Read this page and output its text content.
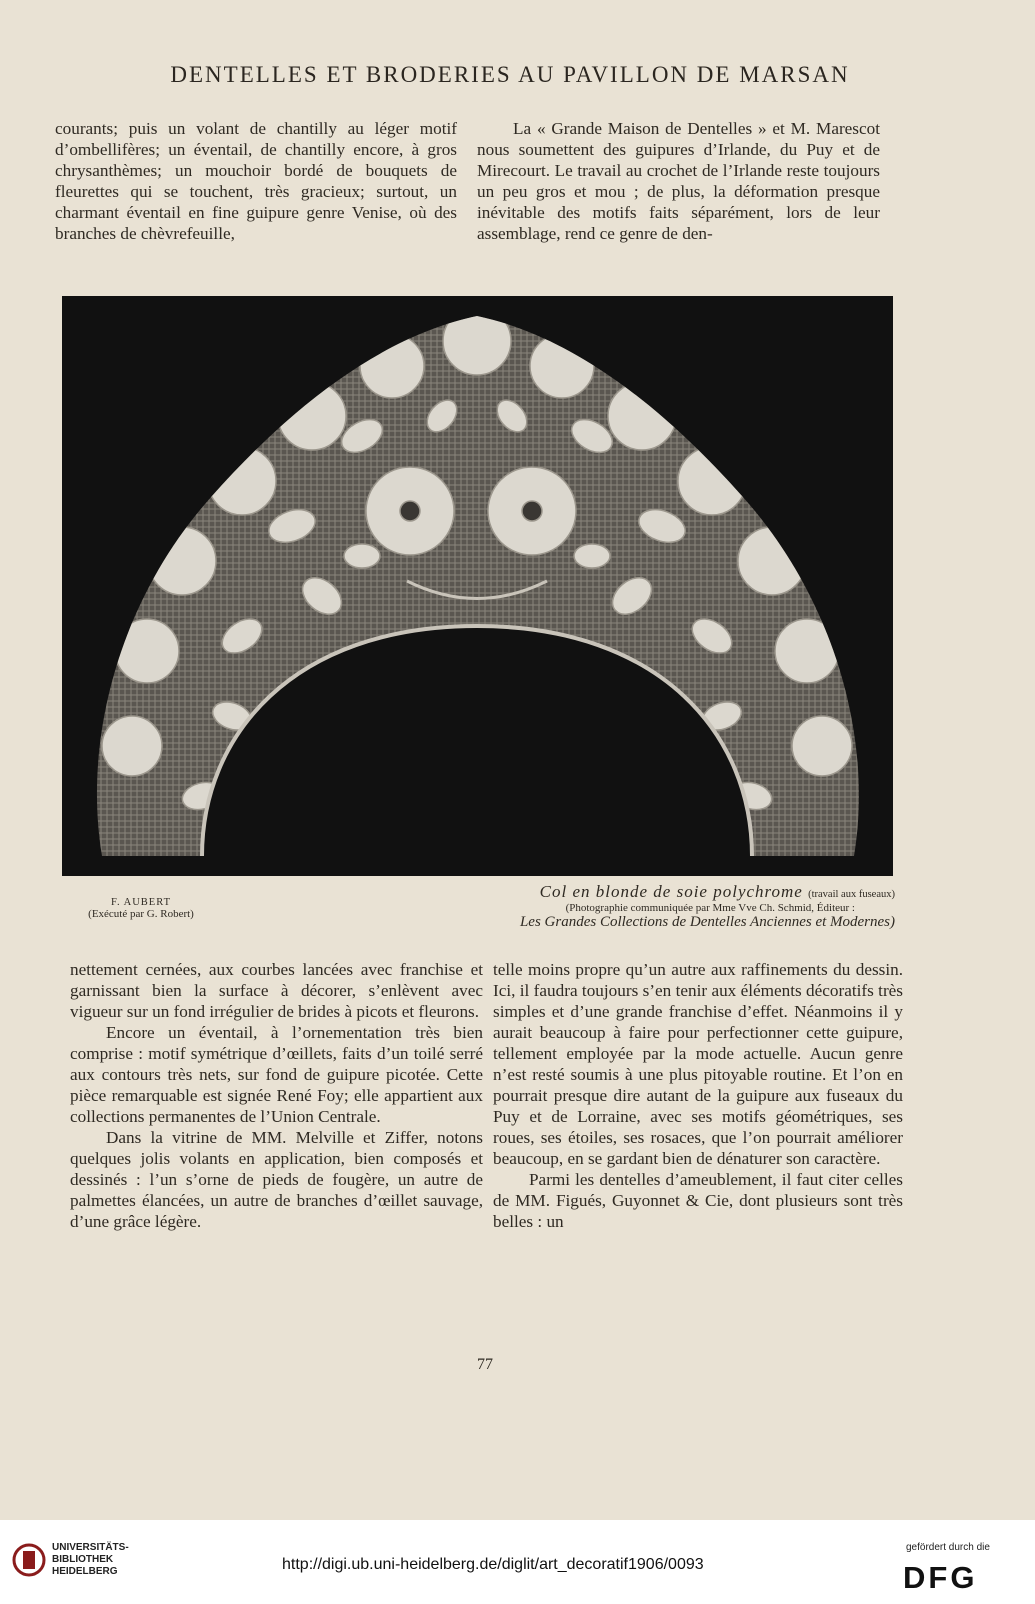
DENTELLES ET BRODERIES AU PAVILLON DE MARSAN

courants; puis un volant de chantilly au léger motif d’ombellifères; un éventail, de chantilly encore, à gros chrysanthèmes; un mouchoir bordé de bouquets de fleurettes qui se touchent, très gracieux; surtout, un charmant éventail en fine guipure genre Venise, où des branches de chèvrefeuille,

La « Grande Maison de Dentelles » et M. Marescot nous soumettent des guipures d’Irlande, du Puy et de Mirecourt. Le travail au crochet de l’Irlande reste toujours un peu gros et mou ; de plus, la déformation presque inévitable des motifs faits séparément, lors de leur assemblage, rend ce genre de den-

F. AUBERT
(Exécuté par G. Robert)
Col en blonde de soie polychrome (travail aux fuseaux)
(Photographie communiquée par Mme Vve Ch. Schmid, Éditeur :
Les Grandes Collections de Dentelles Anciennes et Modernes)

nettement cernées, aux courbes lancées avec franchise et garnissant bien la surface à décorer, s’enlèvent avec vigueur sur un fond irrégulier de brides à picots et fleurons.

Encore un éventail, à l’ornementation très bien comprise : motif symétrique d’œillets, faits d’un toilé serré aux contours très nets, sur fond de guipure picotée. Cette pièce remarquable est signée René Foy; elle appartient aux collections permanentes de l’Union Centrale.

Dans la vitrine de MM. Melville et Ziffer, notons quelques jolis volants en application, bien composés et dessinés : l’un s’orne de pieds de fougère, un autre de palmettes élancées, un autre de branches d’œillet sauvage, d’une grâce légère.

telle moins propre qu’un autre aux raffinements du dessin. Ici, il faudra toujours s’en tenir aux éléments décoratifs très simples et d’une grande franchise d’effet. Néanmoins il y aurait beaucoup à faire pour perfectionner cette guipure, tellement employée par la mode actuelle. Aucun genre n’est resté soumis à une plus pitoyable routine. Et l’on en pourrait presque dire autant de la guipure aux fuseaux du Puy et de Lorraine, avec ses motifs géométriques, ses roues, ses étoiles, ses rosaces, que l’on pourrait améliorer beaucoup, en se gardant bien de dénaturer son caractère.

Parmi les dentelles d’ameublement, il faut citer celles de MM. Figués, Guyonnet & Cie, dont plusieurs sont très belles : un

77
UNIVERSITÄTS-
BIBLIOTHEK
HEIDELBERG	http://digi.ub.uni-heidelberg.de/diglit/art_decoratif1906/0093
gefördert durch die
DFG
